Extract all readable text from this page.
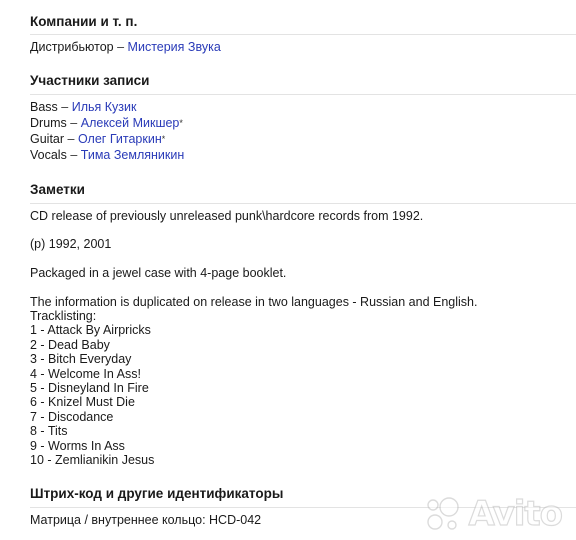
Компании и т. п.
Дистрибьютор – Мистерия Звука
Участники записи
Bass – Илья Кузик
Drums – Алексей Микшер*
Guitar – Олег Гитаркин*
Vocals – Тима Земляникин
Заметки
CD release of previously unreleased punk\hardcore records from 1992.
(p) 1992, 2001
Packaged in a jewel case with 4-page booklet.
The information is duplicated on release in two languages - Russian and English.
Tracklisting:
1 - Attack By Airpricks
2 - Dead Baby
3 - Bitch Everyday
4 - Welcome In Ass!
5 - Disneyland In Fire
6 - Knizel Must Die
7 - Discodance
8 - Tits
9 - Worms In Ass
10 - Zemlianikin Jesus
Штрих-код и другие идентификаторы
Матрица / внутреннее кольцо: HCD-042	Avito
